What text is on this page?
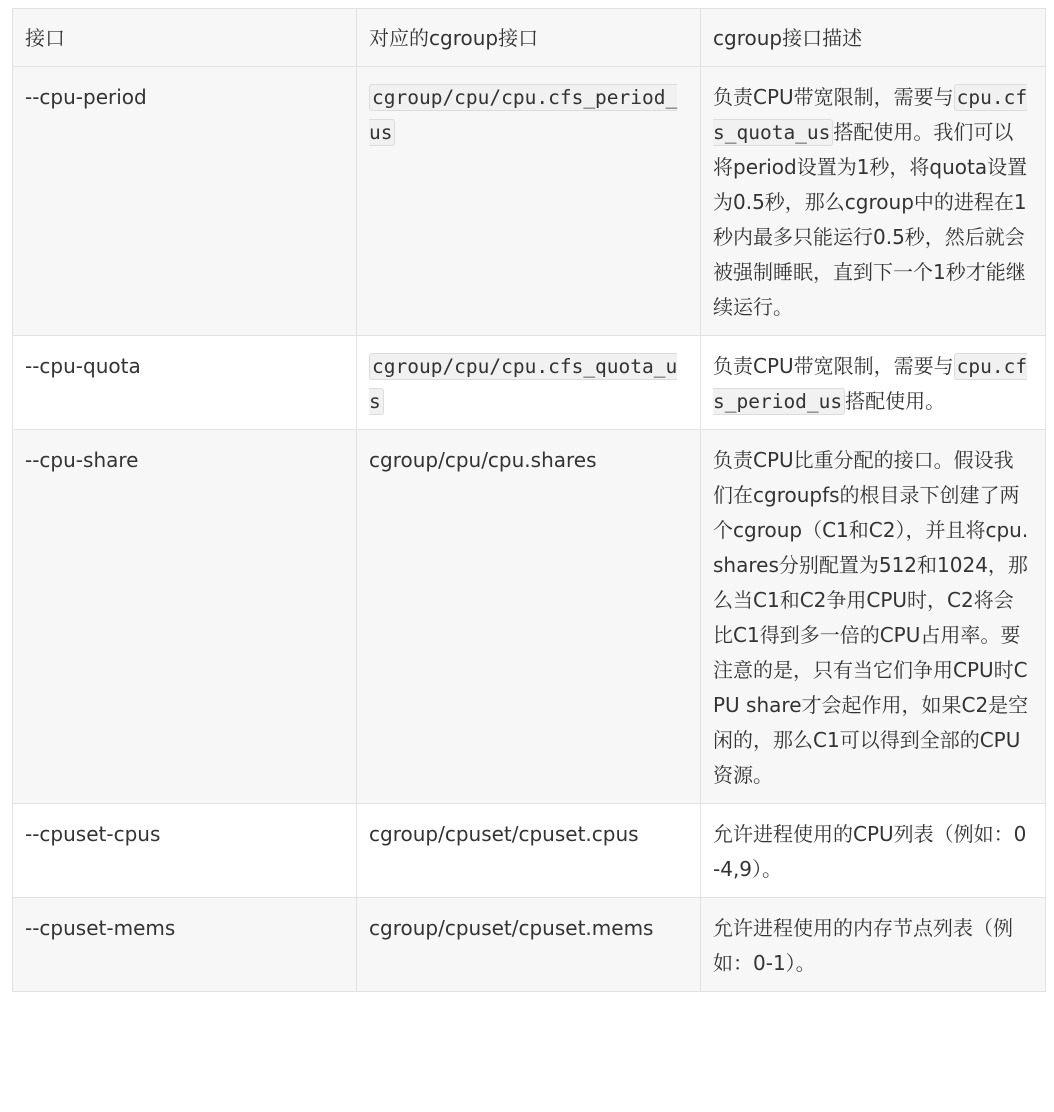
接口	对应的cgroup接口	cgroup接口描述
--cpu-period	cgroup/cpu/cpu.cfs_period_us	负责CPU带宽限制，需要与 cpu.cfs_quota_us 搭配使用。我们可以将period设置为1秒，将quota设置为0.5秒，那么cgroup中的进程在1秒内最多只能运行0.5秒，然后就会被强制睡眠，直到下一个1秒才能继续运行。
--cpu-quota	cgroup/cpu/cpu.cfs_quota_us	负责CPU带宽限制，需要与 cpu.cfs_period_us 搭配使用。
--cpu-share	cgroup/cpu/cpu.shares	负责CPU比重分配的接口。假设我们在cgroupfs的根目录下创建了两个cgroup（C1和C2），并且将cpu.shares分别配置为512和1024，那么当C1和C2争用CPU时，C2将会比C1得到多一倍的CPU占用率。要注意的是，只有当它们争用CPU时CPU share才会起作用，如果C2是空闲的，那么C1可以得到全部的CPU资源。
--cpuset-cpus	cgroup/cpuset/cpuset.cpus	允许进程使用的CPU列表（例如：0-4,9）。
--cpuset-mems	cgroup/cpuset/cpuset.mems	允许进程使用的内存节点列表（例如：0-1）。
